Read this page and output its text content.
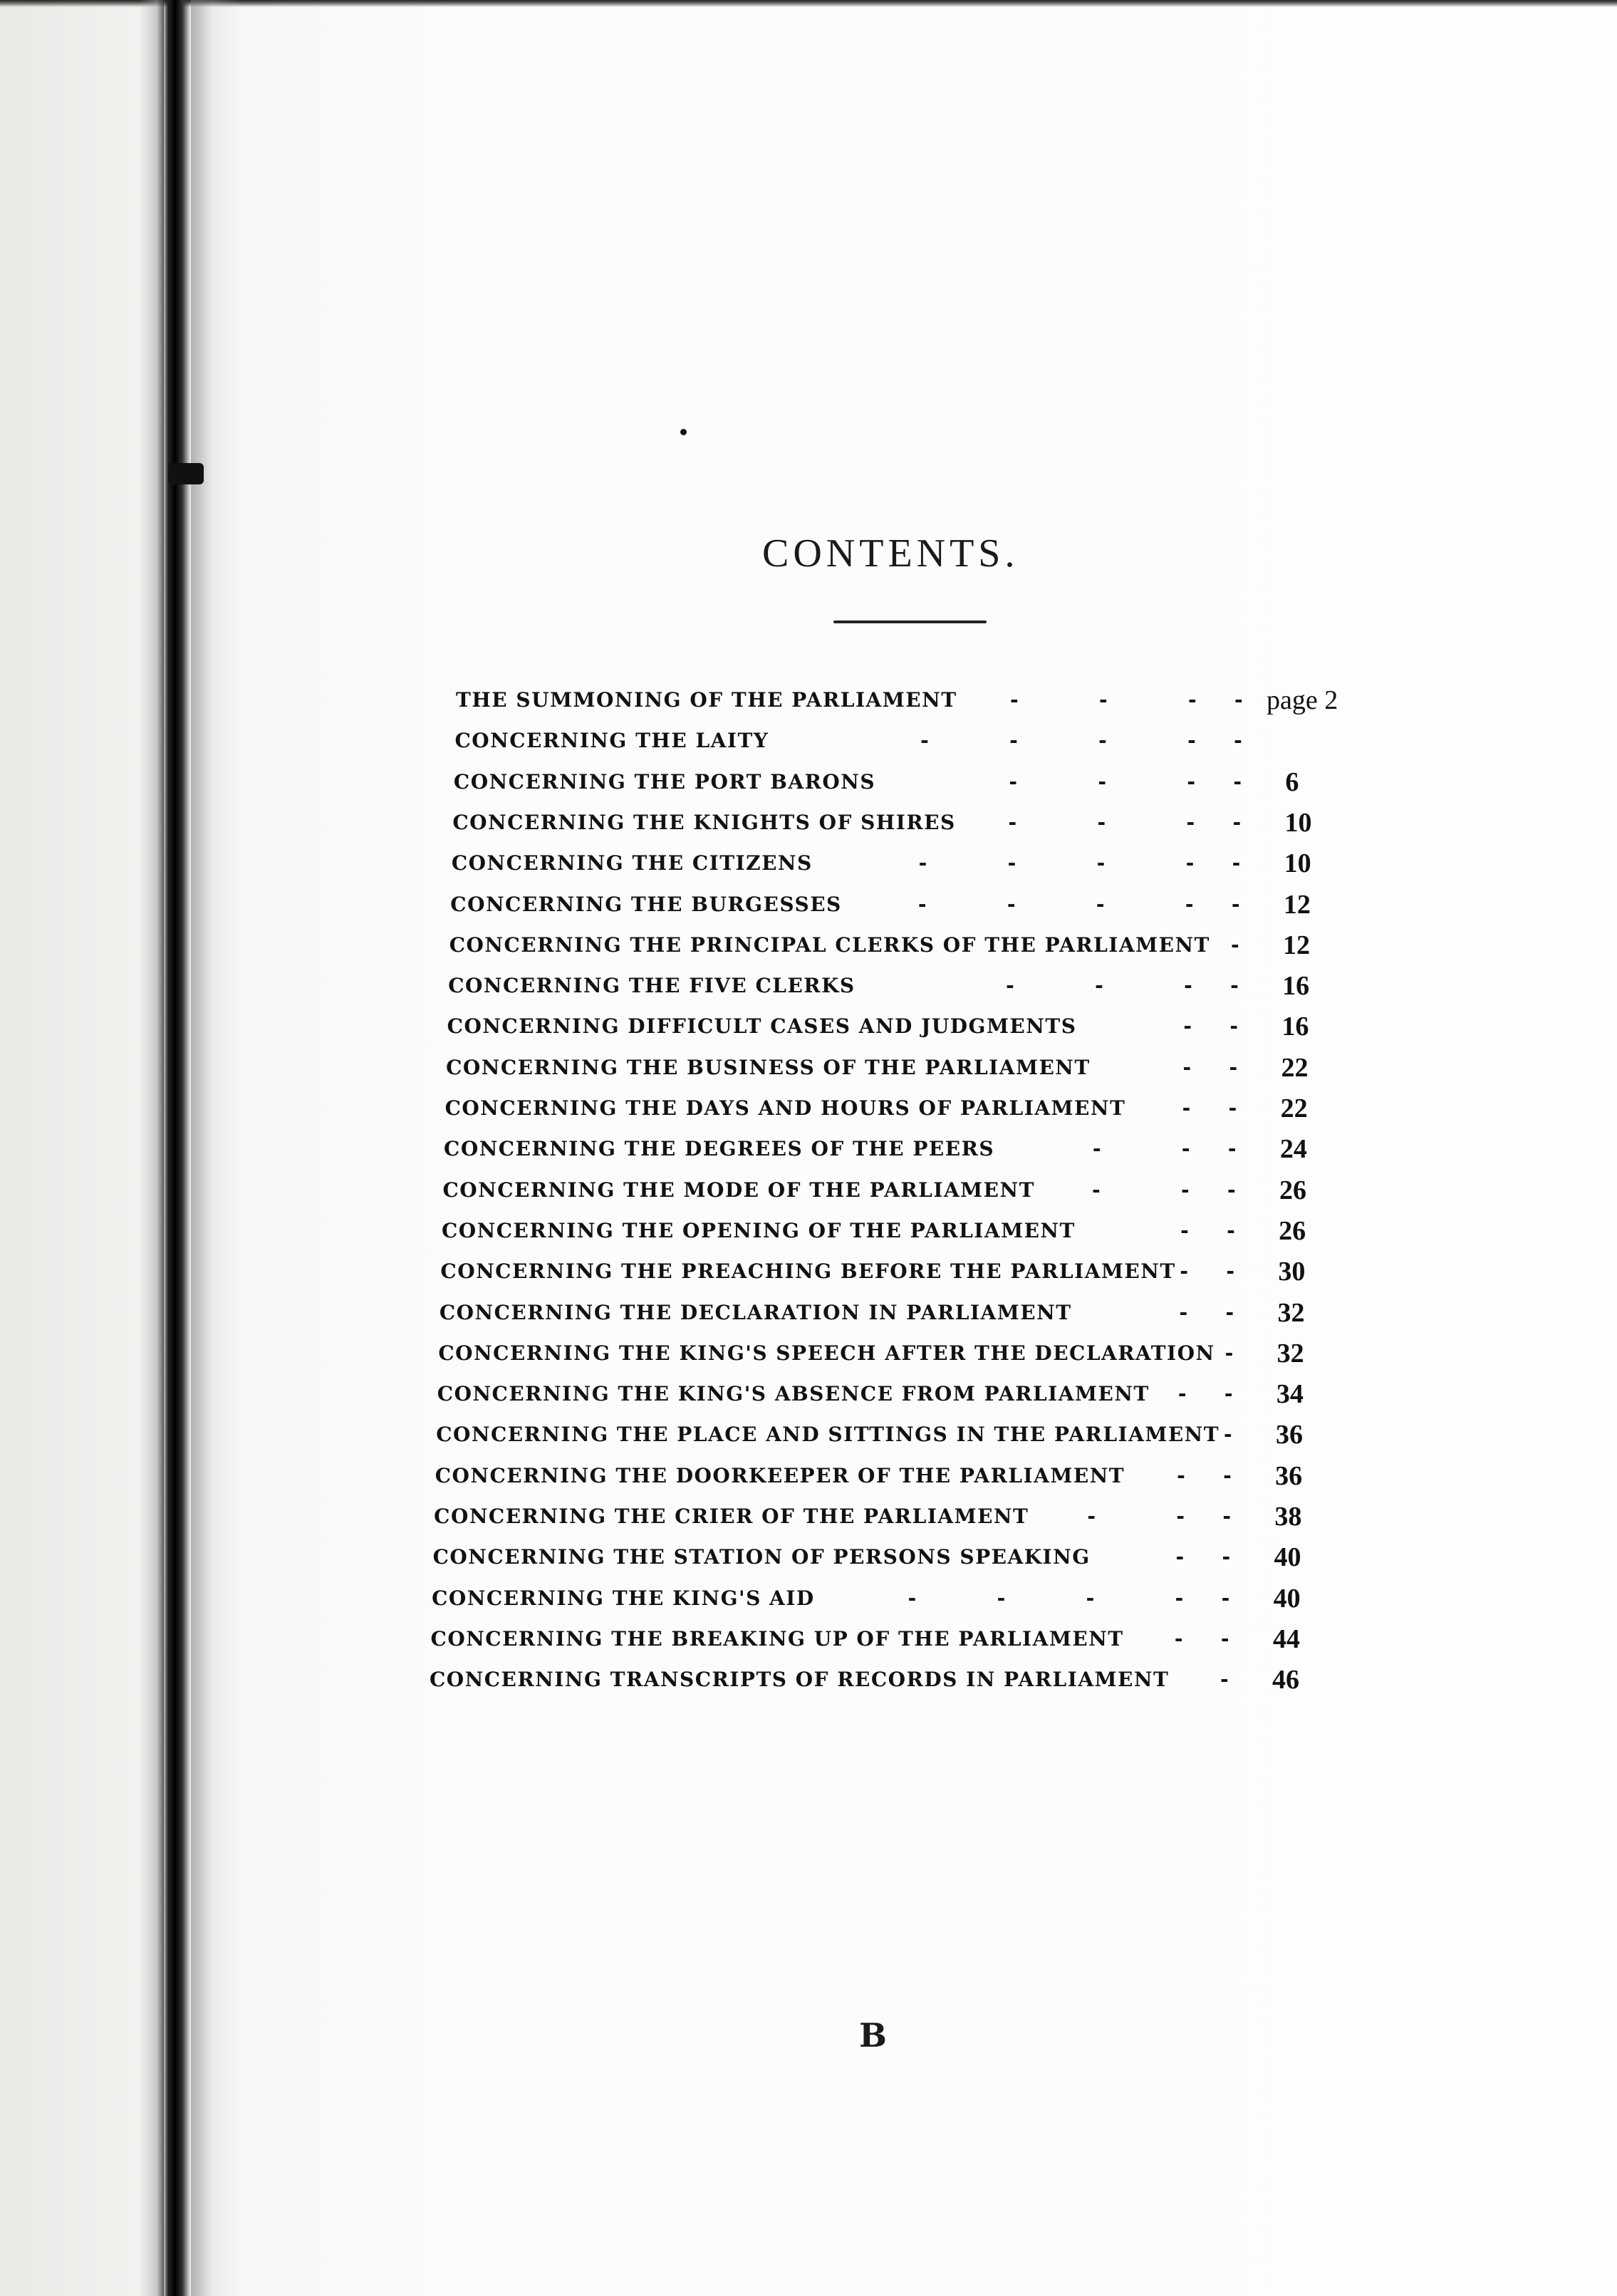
CONTENTS.
THE SUMMONING OF THE PARLIAMENT	- page 2
-
-
-
CONCERNING THE LAITY	-
-
-
-
-
CONCERNING THE PORT BARONS	- 6
-
-
-
CONCERNING THE KNIGHTS OF SHIRES	- 10
-
-
-
CONCERNING THE CITIZENS	- 10
-
-
-
-
CONCERNING THE BURGESSES	- 12
-
-
-
-
CONCERNING THE PRINCIPAL CLERKS OF THE PARLIAMENT - 12
CONCERNING THE FIVE CLERKS	- 16
-
-
-
CONCERNING DIFFICULT CASES AND JUDGMENTS	- 16
-
CONCERNING THE BUSINESS OF THE PARLIAMENT	- 22
-
CONCERNING THE DAYS AND HOURS OF PARLIAMENT	- 22
-
CONCERNING THE DEGREES OF THE PEERS	- 24
-
-
CONCERNING THE MODE OF THE PARLIAMENT	- 26
-
-
CONCERNING THE OPENING OF THE PARLIAMENT	- 26
-
CONCERNING THE PREACHING BEFORE THE PARLIAMENT	- 30
-
CONCERNING THE DECLARATION IN PARLIAMENT	- 32
-
CONCERNING THE KING'S SPEECH AFTER THE DECLARATION - 32
CONCERNING THE KING'S ABSENCE FROM PARLIAMENT	- 34
-
CONCERNING THE PLACE AND SITTINGS IN THE PARLIAMENT - 36
CONCERNING THE DOORKEEPER OF THE PARLIAMENT	- 36
-
CONCERNING THE CRIER OF THE PARLIAMENT	- 38
-
-
CONCERNING THE STATION OF PERSONS SPEAKING	- 40
-
CONCERNING THE KING'S AID	- 40
-
-
-
-
CONCERNING THE BREAKING UP OF THE PARLIAMENT	- 44
-
CONCERNING TRANSCRIPTS OF RECORDS IN PARLIAMENT	- 46
B
